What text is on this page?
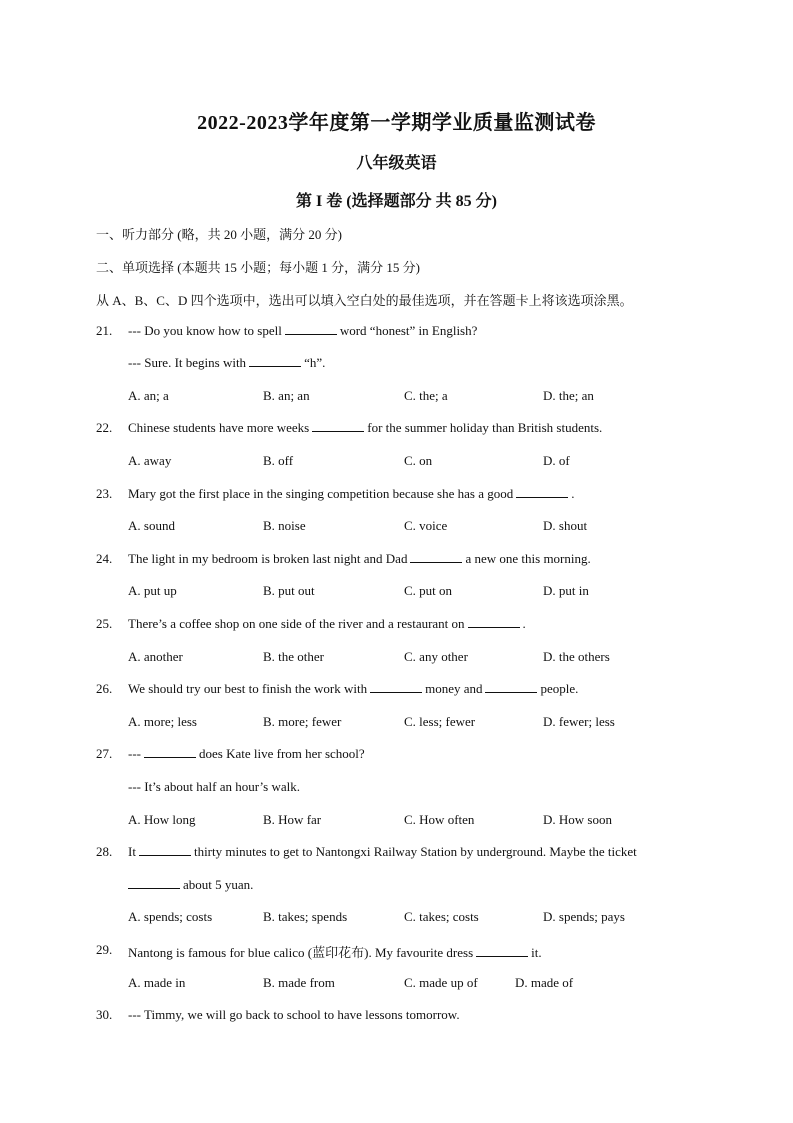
2022-2023学年度第一学期学业质量监测试卷
八年级英语
第 I 卷 (选择题部分 共 85 分)
一、听力部分 (略，共 20 小题，满分 20 分)
二、单项选择 (本题共 15 小题；每小题 1 分，满分 15 分)
从 A、B、C、D 四个选项中，选出可以填入空白处的最佳选项，并在答题卡上将该选项涂黑。
21. --- Do you know how to spell	word “honest” in English?
--- Sure. It begins with	“h”.
A. an; a	B. an; an	C. the; a	D. the; an
22. Chinese students have more weeks	for the summer holiday than British students.
A. away	B. off	C. on	D. of
23. Mary got the first place in the singing competition because she has a good	.
A. sound	B. noise	C. voice	D. shout
24. The light in my bedroom is broken last night and Dad	a new one this morning.
A. put up	B. put out	C. put on	D. put in
25. There’s a coffee shop on one side of the river and a restaurant on	.
A. another	B. the other	C. any other	D. the others
26. We should try our best to finish the work with	money and	people.
A. more; less	B. more; fewer	C. less; fewer	D. fewer; less
27. ---	does Kate live from her school?
--- It’s about half an hour’s walk.
A. How long	B. How far	C. How often	D. How soon
28. It	thirty minutes to get to Nantongxi Railway Station by underground. Maybe the ticket
about 5 yuan.
A. spends; costs	B. takes; spends	C. takes; costs	D. spends; pays
29. Nantong is famous for blue calico (蓝印花布). My favourite dress	it.
A. made in	B. made from	C. made up of	D. made of
30. --- Timmy, we will go back to school to have lessons tomorrow.
